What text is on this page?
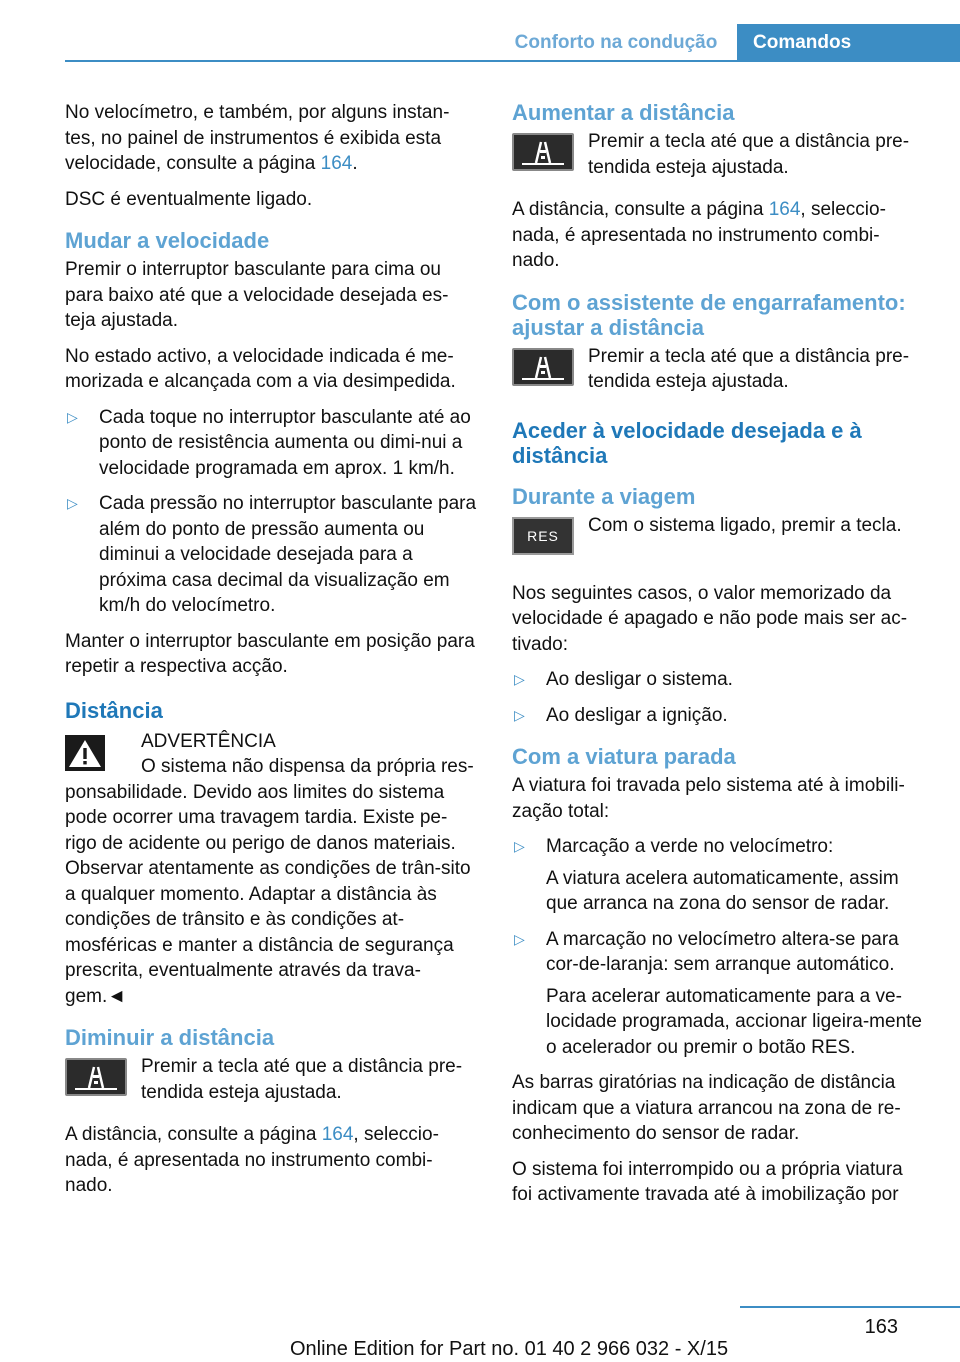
Conforto na condução	Comandos

No velocímetro, e também, por alguns instan‐tes, no painel de instrumentos é exibida esta velocidade, consulte a página 164.

DSC é eventualmente ligado.

Mudar a velocidade

Premir o interruptor basculante para cima ou para baixo até que a velocidade desejada es‐teja ajustada.

No estado activo, a velocidade indicada é me‐morizada e alcançada com a via desimpedida.

▷ Cada toque no interruptor basculante até ao ponto de resistência aumenta ou dimi‐nui a velocidade programada em aprox. 1 km/h.

▷ Cada pressão no interruptor basculante para além do ponto de pressão aumenta ou diminui a velocidade desejada para a próxima casa decimal da visualização em km/h do velocímetro.

Manter o interruptor basculante em posição para repetir a respectiva acção.

Distância

ADVERTÊNCIA

O sistema não dispensa da própria res‐ponsabilidade. Devido aos limites do sistema pode ocorrer uma travagem tardia. Existe pe‐rigo de acidente ou perigo de danos materiais. Observar atentamente as condições de trân‐sito a qualquer momento. Adaptar a distância às condições de trânsito e às condições at‐mosféricas e manter a distância de segurança prescrita, eventualmente através da trava‐gem.◄

Diminuir a distância

Premir a tecla até que a distância pre‐tendida esteja ajustada.

A distância, consulte a página 164, seleccio‐nada, é apresentada no instrumento combi‐nado.

Aumentar a distância

Premir a tecla até que a distância pre‐tendida esteja ajustada.

A distância, consulte a página 164, seleccio‐nada, é apresentada no instrumento combi‐nado.

Com o assistente de engarrafamento: ajustar a distância

Premir a tecla até que a distância pre‐tendida esteja ajustada.

Aceder à velocidade desejada e à distância
Durante a viagem
RES	Com o sistema ligado, premir a tecla.

Nos seguintes casos, o valor memorizado da velocidade é apagado e não pode mais ser ac‐tivado:

▷ Ao desligar o sistema.

▷ Ao desligar a ignição.

Com a viatura parada

A viatura foi travada pelo sistema até à imobili‐zação total:

▷ Marcação a verde no velocímetro:

A viatura acelera automaticamente, assim que arranca na zona do sensor de radar.

▷ A marcação no velocímetro altera-se para cor-de-laranja: sem arranque automático.

Para acelerar automaticamente para a ve‐locidade programada, accionar ligeira‐mente o acelerador ou premir o botão RES.

As barras giratórias na indicação de distância indicam que a viatura arrancou na zona de re‐conhecimento do sensor de radar.

O sistema foi interrompido ou a própria viatura foi activamente travada até à imobilização por

163
Online Edition for Part no. 01 40 2 966 032 - X/15
